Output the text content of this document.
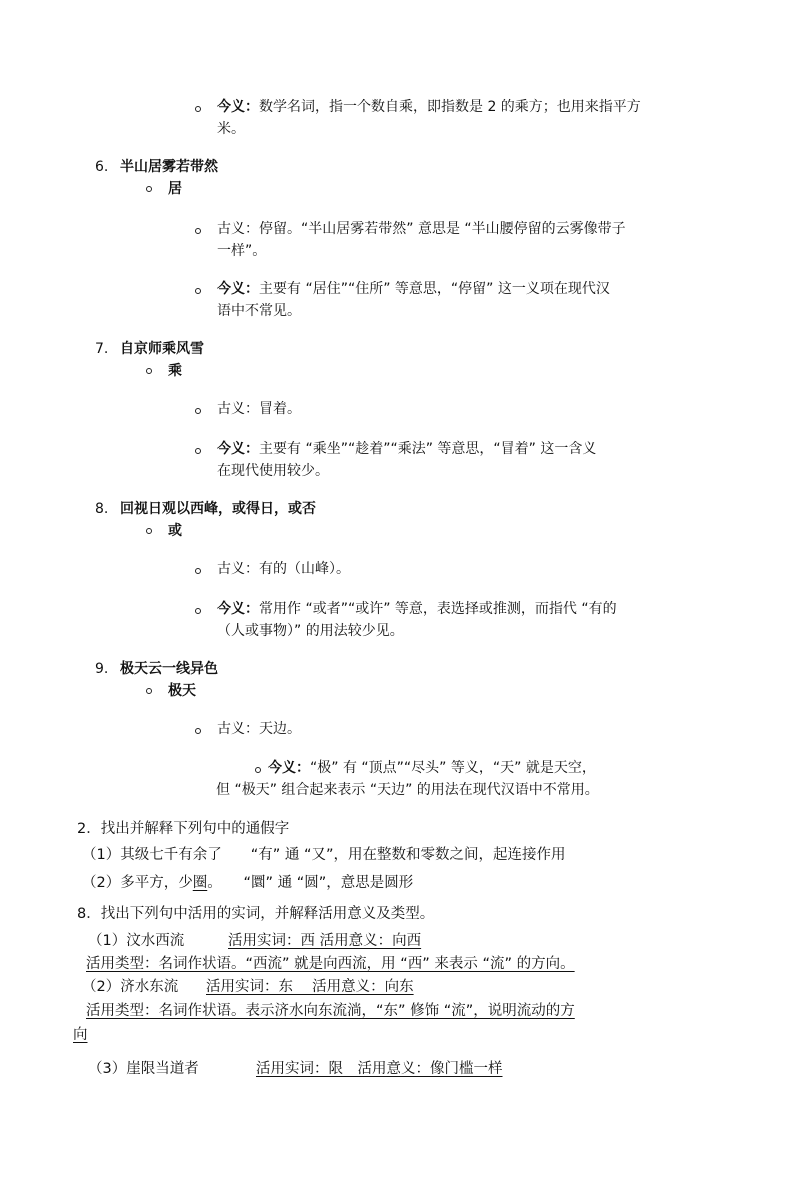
今义：数学名词，指一个数自乘，即指数是 2 的乘方；也用来指平方
米。
6. 半山居雾若带然
居
古义：停留。“半山居雾若带然” 意思是 “半山腰停留的云雾像带子
一样”。
今义：主要有 “居住”“住所” 等意思，“停留” 这一义项在现代汉
语中不常见。
7. 自京师乘风雪
乘
古义：冒着。
今义：主要有 “乘坐”“趁着”“乘法” 等意思，“冒着” 这一含义
在现代使用较少。
8. 回视日观以西峰，或得日，或否
或
古义：有的（山峰）。
今义：常用作 “或者”“或许” 等意，表选择或推测，而指代 “有的
（人或事物）” 的用法较少见。
9. 极天云一线异色
极天
古义：天边。
今义：“极” 有 “顶点”“尽头” 等义，“天” 就是天空，
但 “极天” 组合起来表示 “天边” 的用法在现代汉语中不常用。
2．找出并解释下列句中的通假字
（1）其级七千有余了　　“有” 通 “又”，用在整数和零数之间，起连接作用
（2）多平方，少圈。　　“圜” 通 “圆”，意思是圆形
8．找出下列句中活用的实词，并解释活用意义及类型。
（1）汶水西流	活用实词：西 活用意义：向西
活用类型：名词作状语。“西流” 就是向西流，用 “西” 来表示 “流” 的方向。
（2）济水东流 活用实词：东　 活用意义：向东
活用类型：名词作状语。表示济水向东流淌，“东” 修饰 “流”，说明流动的方
向
（3）崖限当道者	活用实词：限　活用意义：像门槛一样
